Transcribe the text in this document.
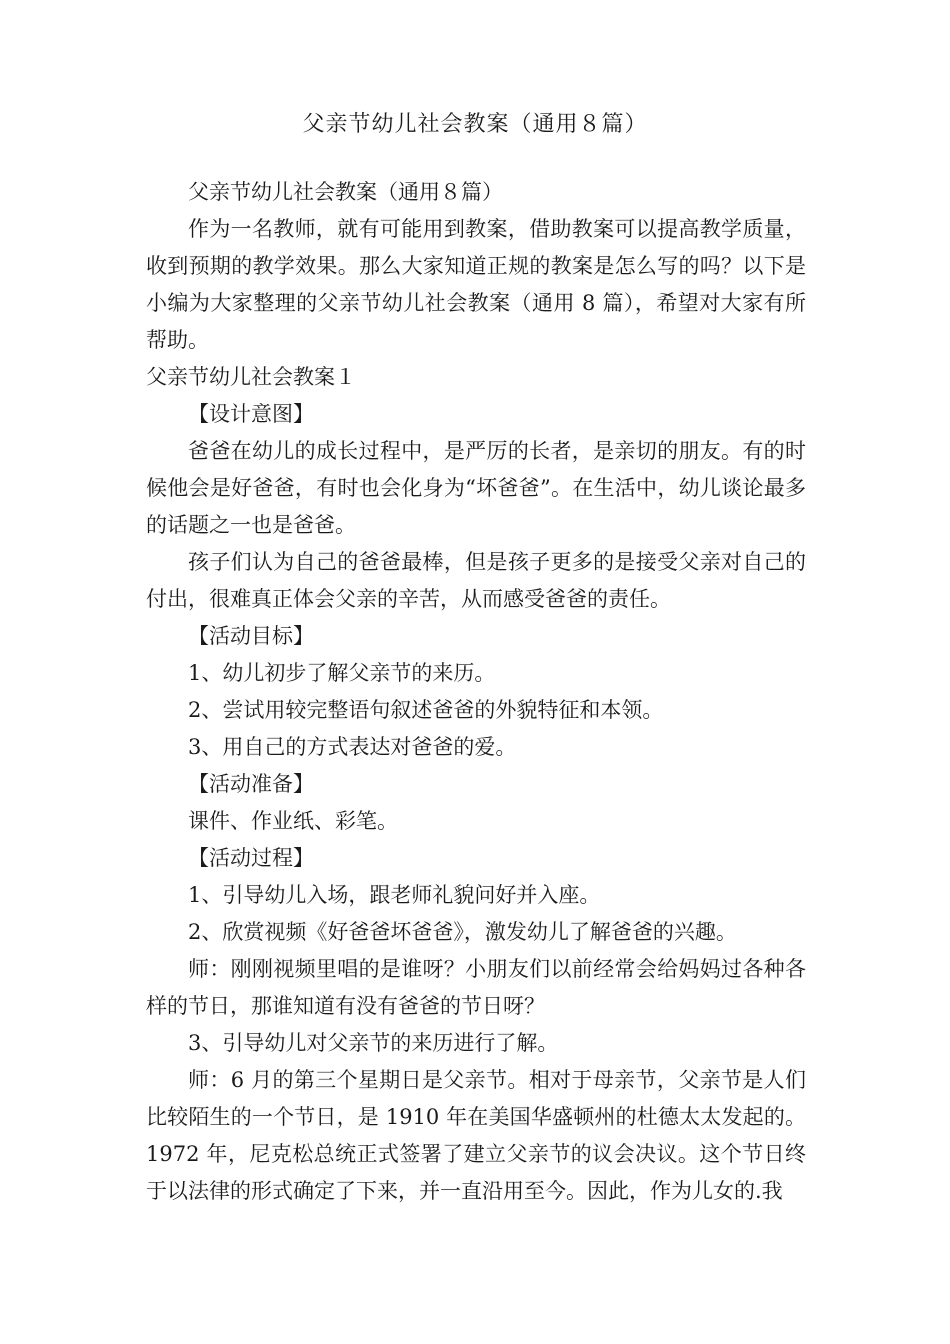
父亲节幼儿社会教案（通用８篇）

父亲节幼儿社会教案（通用８篇）

作为一名教师，就有可能用到教案，借助教案可以提高教学质量，收到预期的教学效果。那么大家知道正规的教案是怎么写的吗？以下是小编为大家整理的父亲节幼儿社会教案（通用 8 篇），希望对大家有所帮助。

父亲节幼儿社会教案１

【设计意图】

爸爸在幼儿的成长过程中，是严厉的长者，是亲切的朋友。有的时候他会是好爸爸，有时也会化身为“坏爸爸”。在生活中，幼儿谈论最多的话题之一也是爸爸。

孩子们认为自己的爸爸最棒，但是孩子更多的是接受父亲对自己的付出，很难真正体会父亲的辛苦，从而感受爸爸的责任。

【活动目标】

1、幼儿初步了解父亲节的来历。

2、尝试用较完整语句叙述爸爸的外貌特征和本领。

3、用自己的方式表达对爸爸的爱。

【活动准备】

课件、作业纸、彩笔。

【活动过程】

1、引导幼儿入场，跟老师礼貌问好并入座。

2、欣赏视频《好爸爸坏爸爸》，激发幼儿了解爸爸的兴趣。

师：刚刚视频里唱的是谁呀？小朋友们以前经常会给妈妈过各种各样的节日，那谁知道有没有爸爸的节日呀？

3、引导幼儿对父亲节的来历进行了解。

师：6 月的第三个星期日是父亲节。相对于母亲节，父亲节是人们比较陌生的一个节日，是 1910 年在美国华盛顿州的杜德太太发起的。1972 年，尼克松总统正式签署了建立父亲节的议会决议。这个节日终于以法律的形式确定了下来，并一直沿用至今。因此，作为儿女的.我
